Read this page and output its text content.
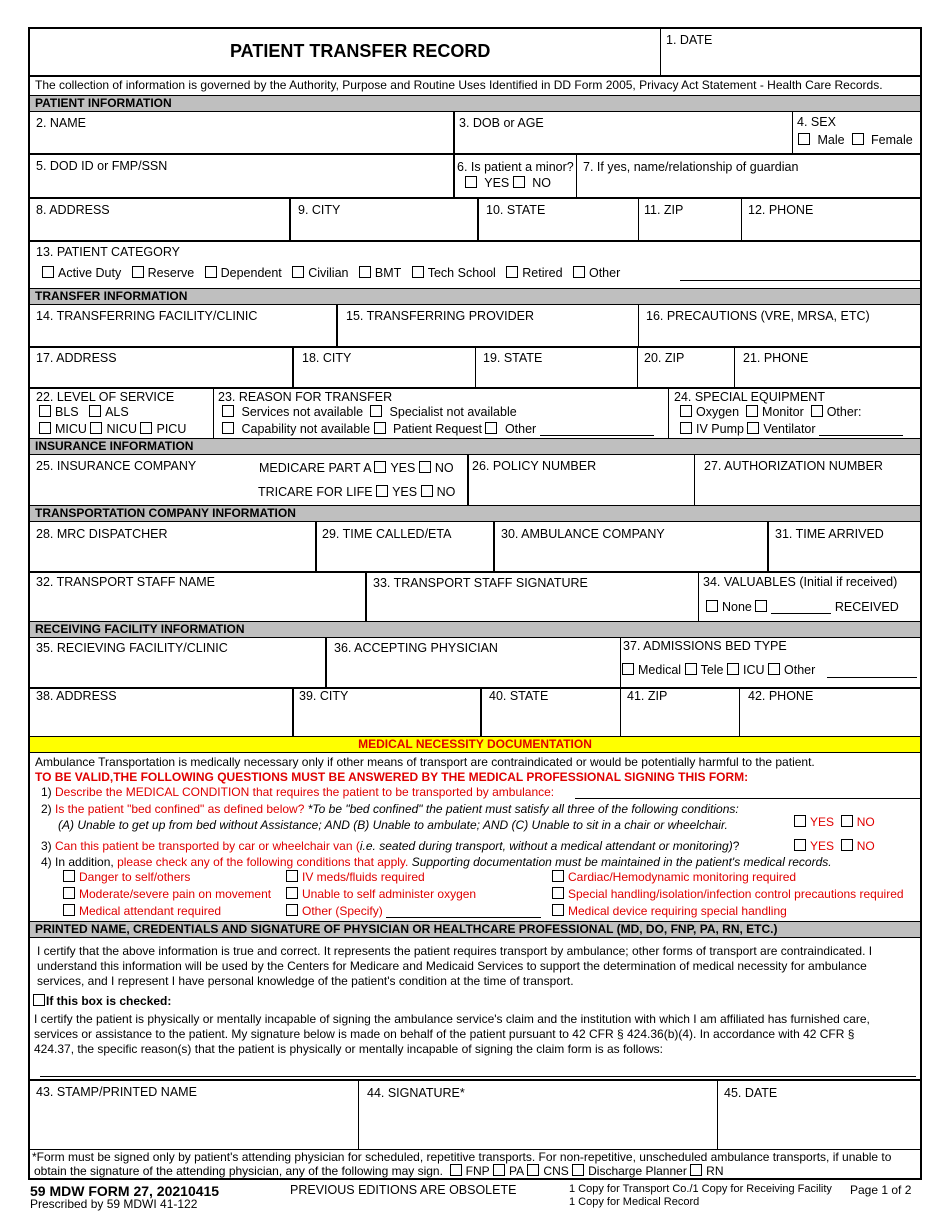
PATIENT TRANSFER RECORD
1. DATE
The collection of information is governed by the Authority, Purpose and Routine Uses Identified in DD Form 2005, Privacy Act Statement - Health Care Records.
PATIENT INFORMATION
2. NAME	3. DOB or AGE	4. SEX
Male Female
5. DOD ID or FMP/SSN	6. Is patient a minor?
YES NO
7. If yes, name/relationship of guardian
8. ADDRESS	9. CITY	10. STATE	11. ZIP	12. PHONE
13. PATIENT CATEGORY
Active Duty Reserve Dependent Civilian BMT Tech School Retired Other
TRANSFER INFORMATION
14. TRANSFERRING FACILITY/CLINIC	15. TRANSFERRING PROVIDER	16. PRECAUTIONS (VRE, MRSA, ETC)
17. ADDRESS	18. CITY	19. STATE	20. ZIP	21. PHONE
22. LEVEL OF SERVICE
BLS ALS
MICU NICU PICU
23. REASON FOR TRANSFER
Services not available Specialist not available
Capability not available Patient Request Other
24. SPECIAL EQUIPMENT
Oxygen Monitor Other:
IV Pump Ventilator
INSURANCE INFORMATION
25. INSURANCE COMPANY	MEDICARE PART A YES NO
TRICARE FOR LIFE YES NO
26. POLICY NUMBER	27. AUTHORIZATION NUMBER
TRANSPORTATION COMPANY INFORMATION
28. MRC DISPATCHER	29. TIME CALLED/ETA	30. AMBULANCE COMPANY	31. TIME ARRIVED
32. TRANSPORT STAFF NAME	33. TRANSPORT STAFF SIGNATURE	34. VALUABLES (Initial if received)
None	RECEIVED
RECEIVING FACILITY INFORMATION
35. RECIEVING FACILITY/CLINIC	36. ACCEPTING PHYSICIAN	37. ADMISSIONS BED TYPE
Medical Tele ICU Other
38. ADDRESS	39. CITY	40. STATE	41. ZIP	42. PHONE
MEDICAL NECESSITY DOCUMENTATION
Ambulance Transportation is medically necessary only if other means of transport are contraindicated or would be potentially harmful to the patient.
TO BE VALID,THE FOLLOWING QUESTIONS MUST BE ANSWERED BY THE MEDICAL PROFESSIONAL SIGNING THIS FORM:
1) Describe the MEDICAL CONDITION that requires the patient to be transported by ambulance:
2) Is the patient "bed confined" as defined below? *To be "bed confined" the patient must satisfy all three of the following conditions:
(A) Unable to get up from bed without Assistance; AND (B) Unable to ambulate; AND (C) Unable to sit in a chair or wheelchair.	YES NO
3) Can this patient be transported by car or wheelchair van (i.e. seated during transport, without a medical attendant or monitoring)?	YES NO
4) In addition, please check any of the following conditions that apply. Supporting documentation must be maintained in the patient's medical records.
Danger to self/others	IV meds/fluids required	Cardiac/Hemodynamic monitoring required
Moderate/severe pain on movement	Unable to self administer oxygen	Special handling/isolation/infection control precautions required
Medical attendant required	Other (Specify)	Medical device requiring special handling
PRINTED NAME, CREDENTIALS AND SIGNATURE OF PHYSICIAN OR HEALTHCARE PROFESSIONAL (MD, DO, FNP, PA, RN, ETC.)
I certify that the above information is true and correct. It represents the patient requires transport by ambulance; other forms of transport are contraindicated. I
understand this information will be used by the Centers for Medicare and Medicaid Services to support the determination of medical necessity for ambulance
services, and I represent I have personal knowledge of the patient's condition at the time of transport.
If this box is checked:
I certify the patient is physically or mentally incapable of signing the ambulance service's claim and the institution with which I am affiliated has furnished care,
services or assistance to the patient. My signature below is made on behalf of the patient pursuant to 42 CFR § 424.36(b)(4). In accordance with 42 CFR §
424.37, the specific reason(s) that the patient is physically or mentally incapable of signing the claim form is as follows:
43. STAMP/PRINTED NAME	44. SIGNATURE*	45. DATE
*Form must be signed only by patient's attending physician for scheduled, repetitive transports. For non-repetitive, unscheduled ambulance transports, if unable to
obtain the signature of the attending physician, any of the following may sign. FNP PA CNS Discharge Planner RN
59 MDW FORM 27, 20210415
Prescribed by 59 MDWI 41-122
PREVIOUS EDITIONS ARE OBSOLETE	1 Copy for Transport Co./1 Copy for Receiving Facility
1 Copy for Medical Record
Page 1 of 2
